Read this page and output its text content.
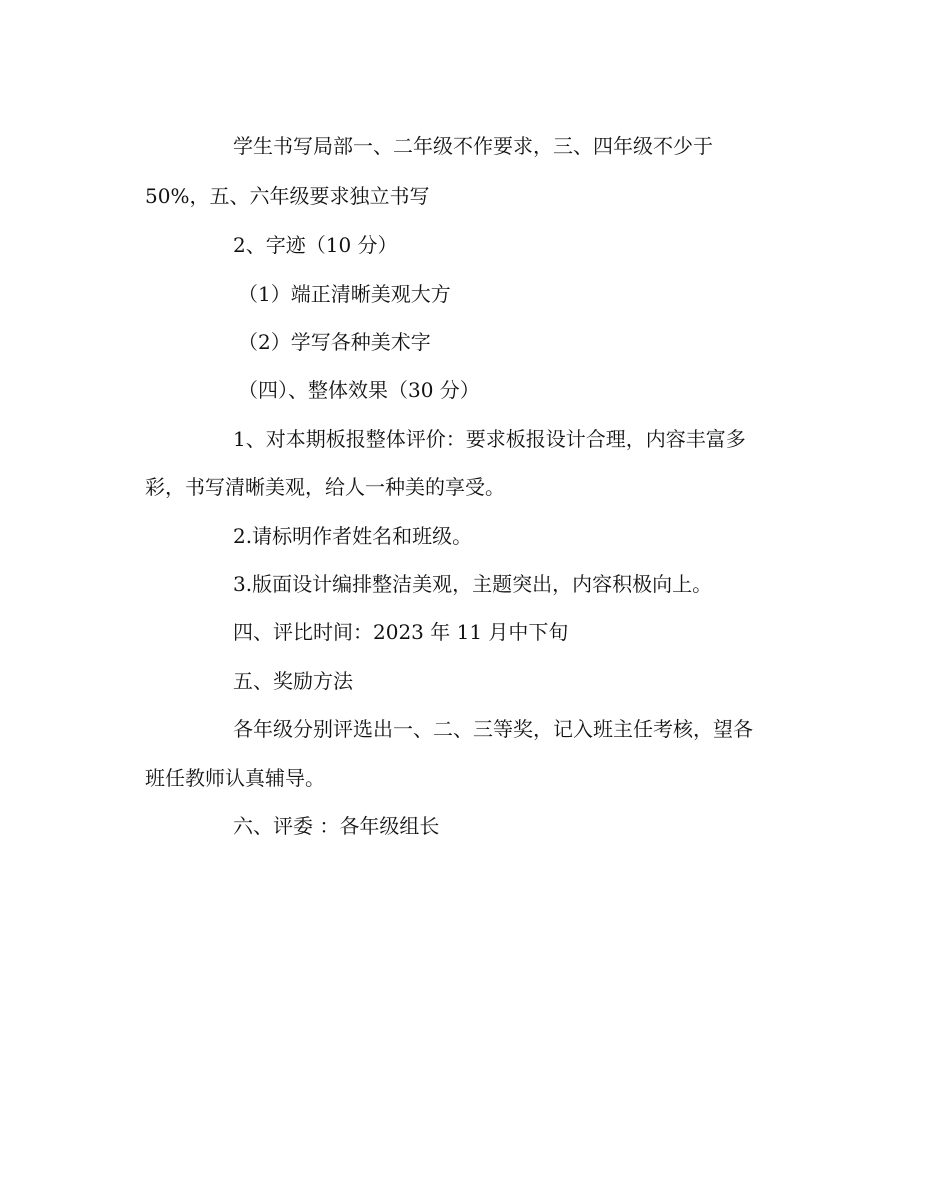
学生书写局部一、二年级不作要求，三、四年级不少于
50%，五、六年级要求独立书写
2、字迹（10 分）
（1）端正清晰美观大方
（2）学写各种美术字
（四）、整体效果（30 分）
1、对本期板报整体评价：要求板报设计合理，内容丰富多
彩，书写清晰美观，给人一种美的享受。
2.请标明作者姓名和班级。
3.版面设计编排整洁美观，主题突出，内容积极向上。
四、评比时间：2023 年 11 月中下旬
五、奖励方法
各年级分别评选出一、二、三等奖，记入班主任考核，望各
班任教师认真辅导。
六、评委 ：各年级组长
